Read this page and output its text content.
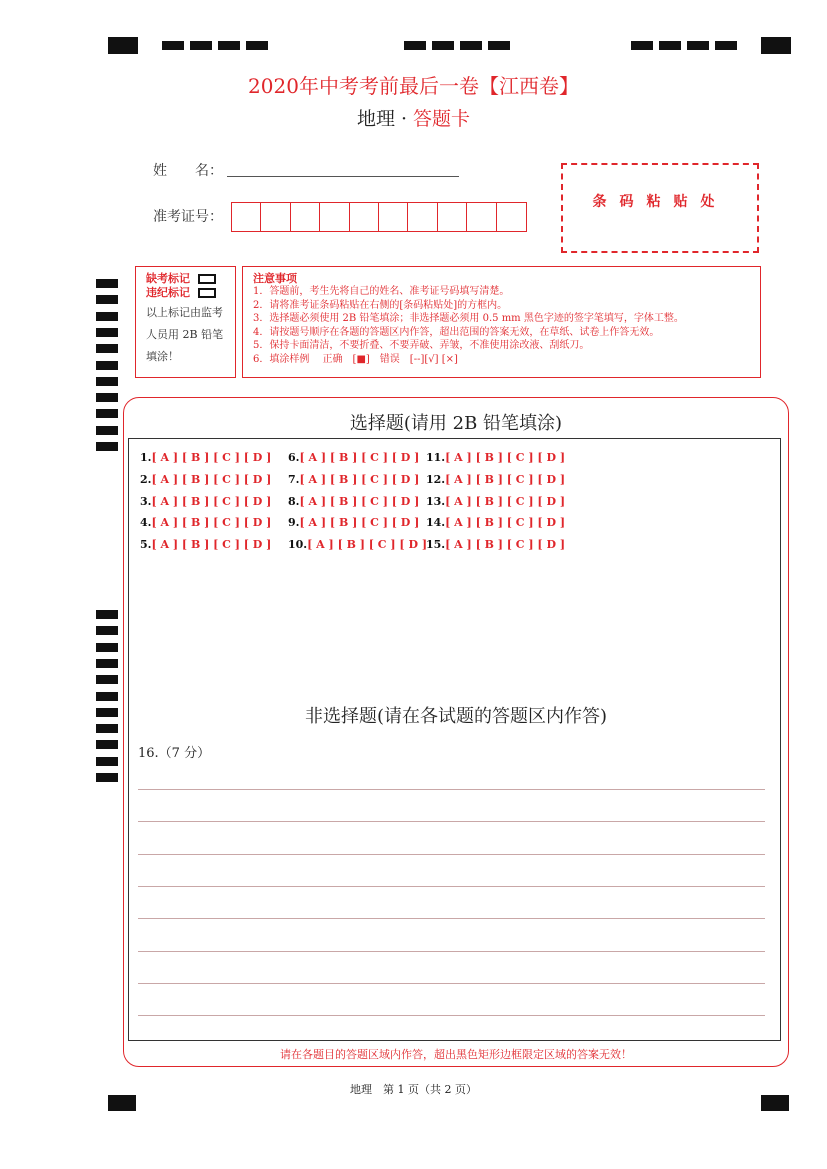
2020年中考考前最后一卷【江西卷】
地理 · 答题卡
姓　　名：
准考证号：
条码粘贴处
缺考标记
违纪标记
以上标记由监考
人员用 2B 铅笔
填涂！
注意事项
1．答题前，考生先将自己的姓名、准考证号码填写清楚。
2．请将准考证条码粘贴在右侧的[条码粘贴处]的方框内。
3．选择题必须使用 2B 铅笔填涂；非选择题必须用 0.5 mm 黑色字迹的签字笔填写，字体工整。
4．请按题号顺序在各题的答题区内作答，超出范围的答案无效，在草纸、试卷上作答无效。
5．保持卡面清洁，不要折叠、不要弄破、弄皱，不准使用涂改液、刮纸刀。
6．填涂样例　 正确　[■]　错误　[--][√] [×]
选择题(请用 2B 铅笔填涂)
1.[ A ] [ B ] [ C ] [ D ]
2.[ A ] [ B ] [ C ] [ D ]
3.[ A ] [ B ] [ C ] [ D ]
4.[ A ] [ B ] [ C ] [ D ]
5.[ A ] [ B ] [ C ] [ D ]
6.[ A ] [ B ] [ C ] [ D ]
7.[ A ] [ B ] [ C ] [ D ]
8.[ A ] [ B ] [ C ] [ D ]
9.[ A ] [ B ] [ C ] [ D ]
10.[ A ] [ B ] [ C ] [ D ]
11.[ A ] [ B ] [ C ] [ D ]
12.[ A ] [ B ] [ C ] [ D ]
13.[ A ] [ B ] [ C ] [ D ]
14.[ A ] [ B ] [ C ] [ D ]
15.[ A ] [ B ] [ C ] [ D ]
非选择题(请在各试题的答题区内作答)
16.（7 分）
请在各题目的答题区域内作答，超出黑色矩形边框限定区域的答案无效！
地理　第 1 页（共 2 页）
